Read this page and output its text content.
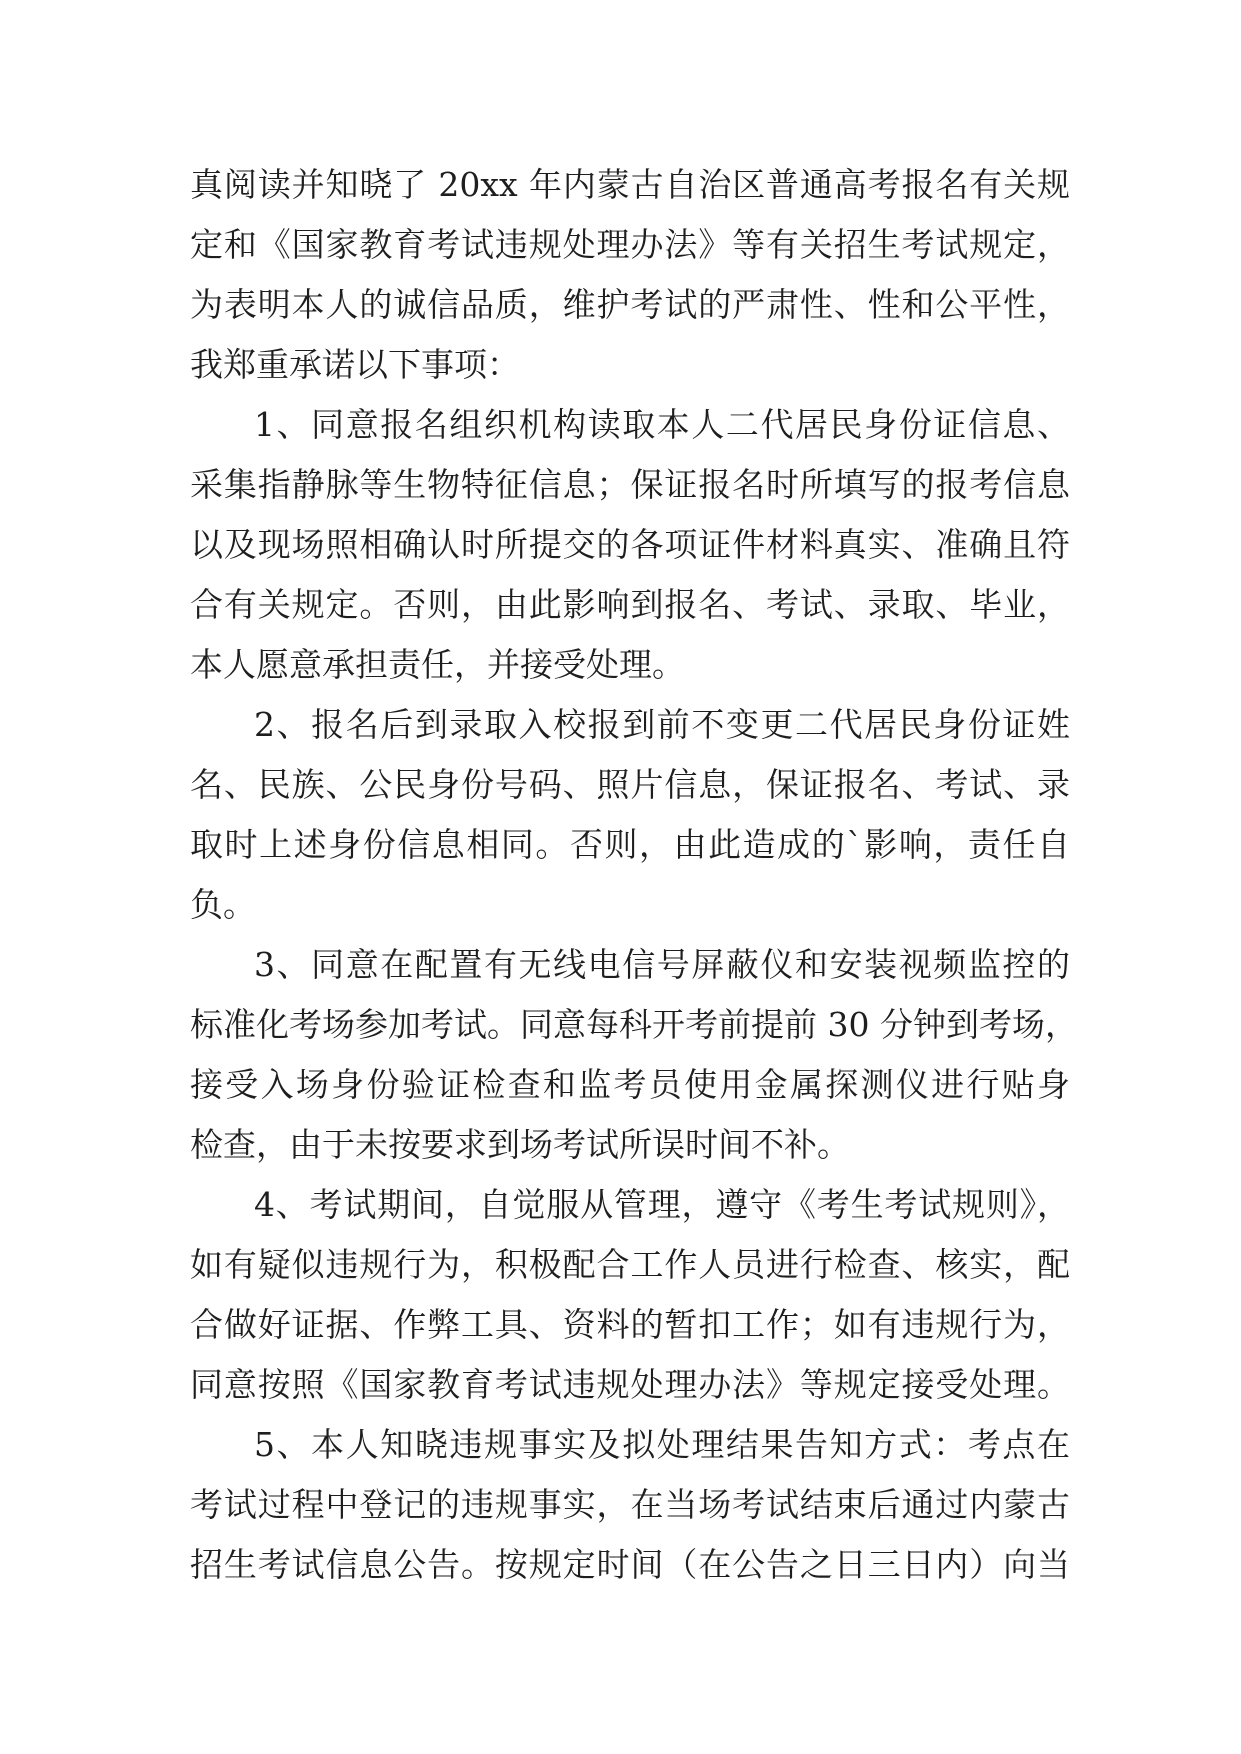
真阅读并知晓了 20xx 年内蒙古自治区普通高考报名有关规

定和《国家教育考试违规处理办法》等有关招生考试规定，

为表明本人的诚信品质，维护考试的严肃性、性和公平性，

我郑重承诺以下事项：

1、同意报名组织机构读取本人二代居民身份证信息、

采集指静脉等生物特征信息；保证报名时所填写的报考信息

以及现场照相确认时所提交的各项证件材料真实、准确且符

合有关规定。否则，由此影响到报名、考试、录取、毕业，

本人愿意承担责任，并接受处理。

2、报名后到录取入校报到前不变更二代居民身份证姓

名、民族、公民身份号码、照片信息，保证报名、考试、录

取时上述身份信息相同。否则，由此造成的`影响，责任自

负。

3、同意在配置有无线电信号屏蔽仪和安装视频监控的

标准化考场参加考试。同意每科开考前提前 30 分钟到考场，

接受入场身份验证检查和监考员使用金属探测仪进行贴身

检查，由于未按要求到场考试所误时间不补。

4、考试期间，自觉服从管理，遵守《考生考试规则》，

如有疑似违规行为，积极配合工作人员进行检查、核实，配

合做好证据、作弊工具、资料的暂扣工作；如有违规行为，

同意按照《国家教育考试违规处理办法》等规定接受处理。

5、本人知晓违规事实及拟处理结果告知方式：考点在

考试过程中登记的违规事实，在当场考试结束后通过内蒙古

招生考试信息公告。按规定时间（在公告之日三日内）向当
